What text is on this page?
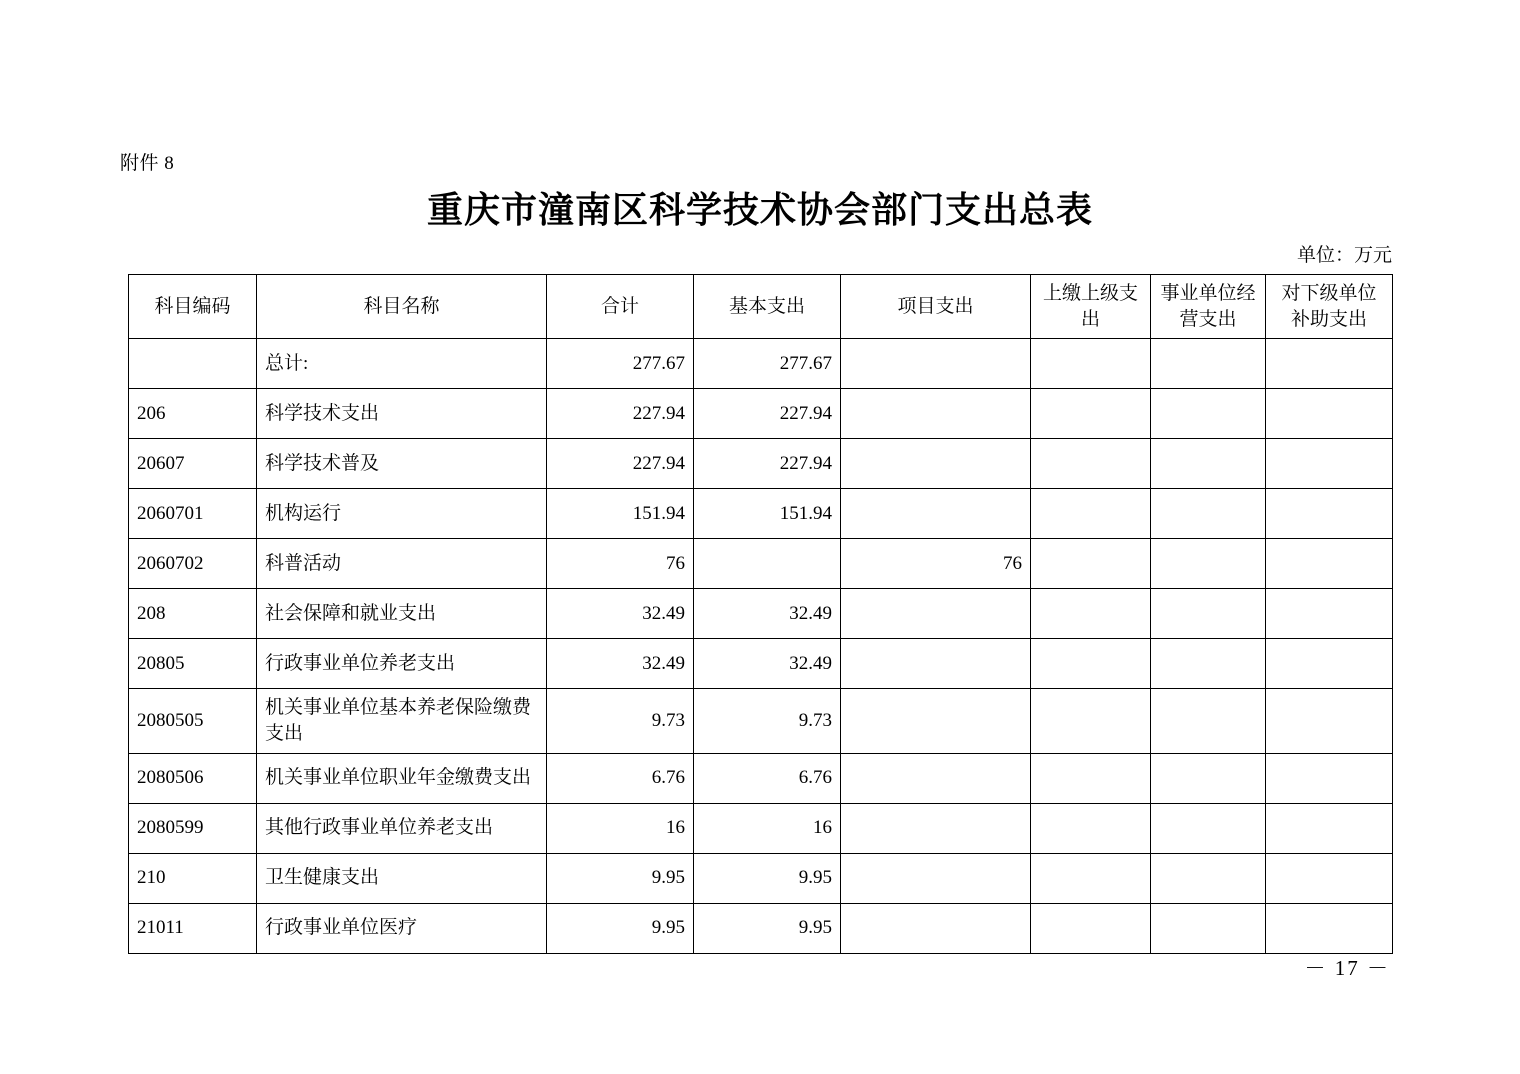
附件 8
重庆市潼南区科学技术协会部门支出总表
单位：万元
科目编码	科目名称	合计	基本支出	项目支出	上缴上级支出	事业单位经营支出	对下级单位补助支出
	总计:	277.67	277.67				
206	科学技术支出	227.94	227.94				
20607	科学技术普及	227.94	227.94				
2060701	机构运行	151.94	151.94				
2060702	科普活动	76		76			
208	社会保障和就业支出	32.49	32.49				
20805	行政事业单位养老支出	32.49	32.49				
2080505	机关事业单位基本养老保险缴费支出	9.73	9.73				
2080506	机关事业单位职业年金缴费支出	6.76	6.76				
2080599	其他行政事业单位养老支出	16	16				
210	卫生健康支出	9.95	9.95				
21011	行政事业单位医疗	9.95	9.95				
－ 17 －
